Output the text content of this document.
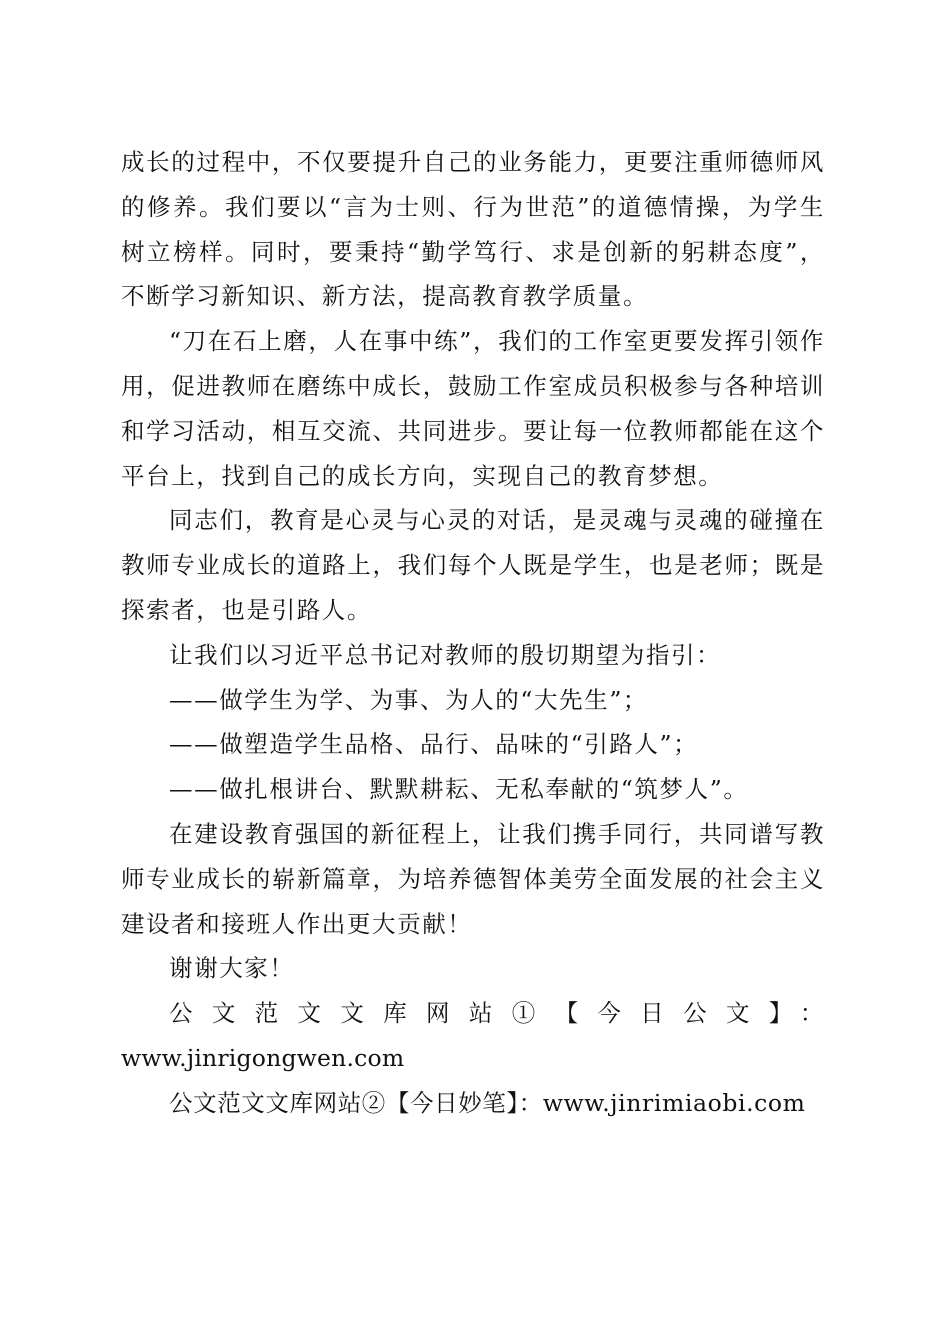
成长的过程中，不仅要提升自己的业务能力，更要注重师德师风的修养。我们要以“言为士则、行为世范”的道德情操，为学生树立榜样。同时，要秉持“勤学笃行、求是创新的躬耕态度”，不断学习新知识、新方法，提高教育教学质量。

“刀在石上磨，人在事中练”，我们的工作室更要发挥引领作用，促进教师在磨练中成长，鼓励工作室成员积极参与各种培训和学习活动，相互交流、共同进步。要让每一位教师都能在这个平台上，找到自己的成长方向，实现自己的教育梦想。

同志们，教育是心灵与心灵的对话，是灵魂与灵魂的碰撞在教师专业成长的道路上，我们每个人既是学生，也是老师；既是探索者，也是引路人。

让我们以习近平总书记对教师的殷切期望为指引：

——做学生为学、为事、为人的“大先生”；

——做塑造学生品格、品行、品味的“引路人”；

——做扎根讲台、默默耕耘、无私奉献的“筑梦人”。

在建设教育强国的新征程上，让我们携手同行，共同谱写教师专业成长的崭新篇章，为培养德智体美劳全面发展的社会主义建设者和接班人作出更大贡献！

谢谢大家！

公文范文文库网站①【今日公文】：

www.jinrigongwen.com

公文范文文库网站②【今日妙笔】：www.jinrimiaobi.com
